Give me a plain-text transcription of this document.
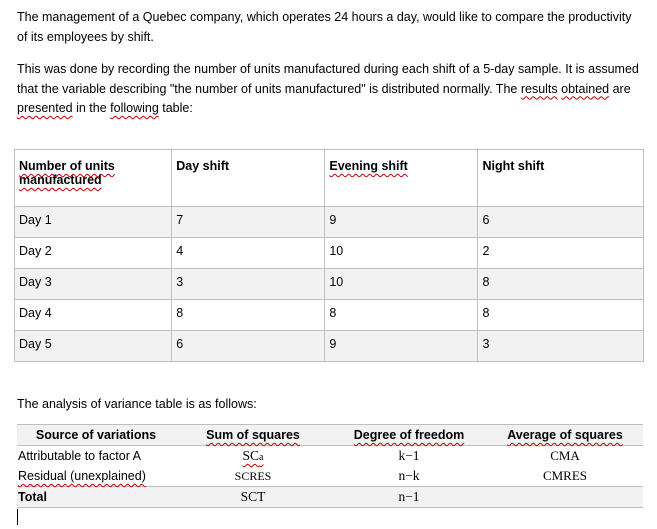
The management of a Quebec company, which operates 24 hours a day, would like to compare the productivity of its employees by shift.

This was done by recording the number of units manufactured during each shift of a 5-day sample. It is assumed that the variable describing "the number of units manufactured" is distributed normally. The results obtained are presented in the following table:

Number of units
manufactured	Day shift	Evening shift	Night shift
Day 1	7	9	6
Day 2	4	10	2
Day 3	3	10	8
Day 4	8	8	8
Day 5	6	9	3

The analysis of variance table is as follows:

Source of variations	Sum of squares	Degree of freedom	Average of squares
Attributable to factor A	SCa	k−1	CMA
Residual (unexplained)	SCRES	n−k	CMRES
Total	SCT	n−1	
